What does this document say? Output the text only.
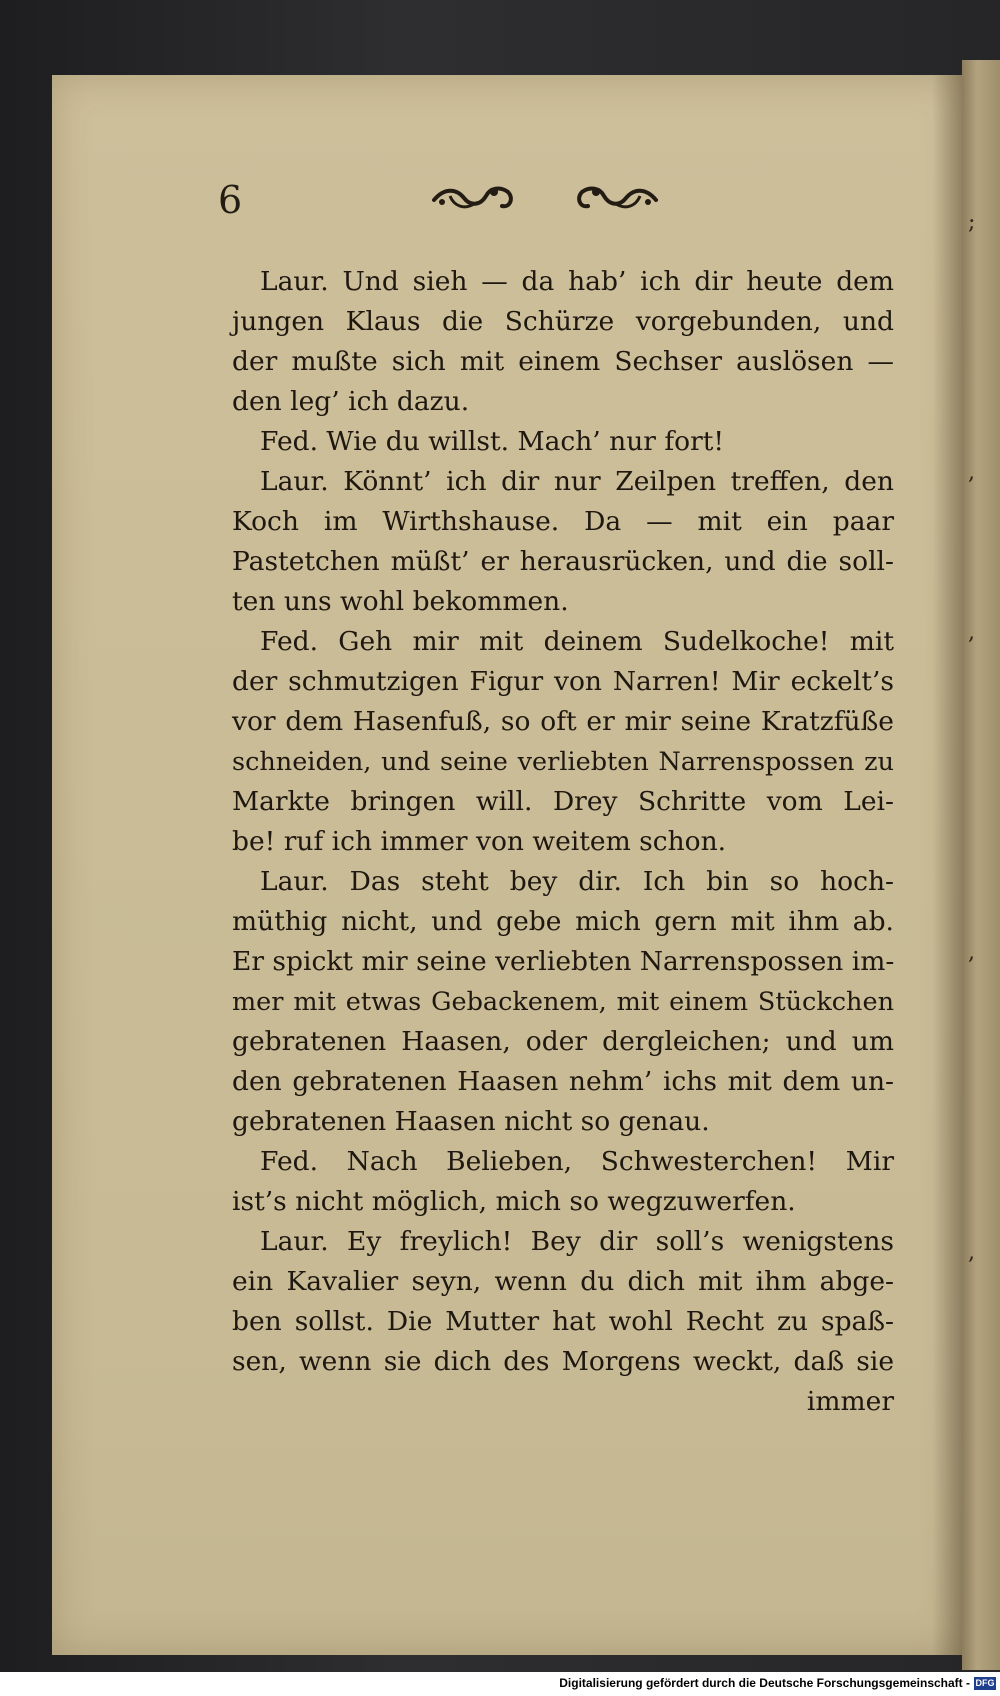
;
,
,
,
,
6
Laur. Und sieh — da hab’ ich dir heute dem
jungen Klaus die Schürze vorgebunden, und
der mußte sich mit einem Sechser auslösen —
den leg’ ich dazu.
Fed. Wie du willst. Mach’ nur fort!
Laur. Könnt’ ich dir nur Zeilpen treffen, den
Koch im Wirthshause. Da — mit ein paar
Pastetchen müßt’ er herausrücken, und die soll-
ten uns wohl bekommen.
Fed. Geh mir mit deinem Sudelkoche! mit
der schmutzigen Figur von Narren! Mir eckelt’s
vor dem Hasenfuß, so oft er mir seine Kratzfüße
schneiden, und seine verliebten Narrenspossen zu
Markte bringen will. Drey Schritte vom Lei-
be! ruf ich immer von weitem schon.
Laur. Das steht bey dir. Ich bin so hoch-
müthig nicht, und gebe mich gern mit ihm ab.
Er spickt mir seine verliebten Narrenspossen im-
mer mit etwas Gebackenem, mit einem Stückchen
gebratenen Haasen, oder dergleichen; und um
den gebratenen Haasen nehm’ ichs mit dem un-
gebratenen Haasen nicht so genau.
Fed. Nach Belieben, Schwesterchen! Mir
ist’s nicht möglich, mich so wegzuwerfen.
Laur. Ey freylich! Bey dir soll’s wenigstens
ein Kavalier seyn, wenn du dich mit ihm abge-
ben sollst. Die Mutter hat wohl Recht zu spaß-
sen, wenn sie dich des Morgens weckt, daß sie
immer
Digitalisierung gefördert durch die Deutsche Forschungsgemeinschaft - DFG
